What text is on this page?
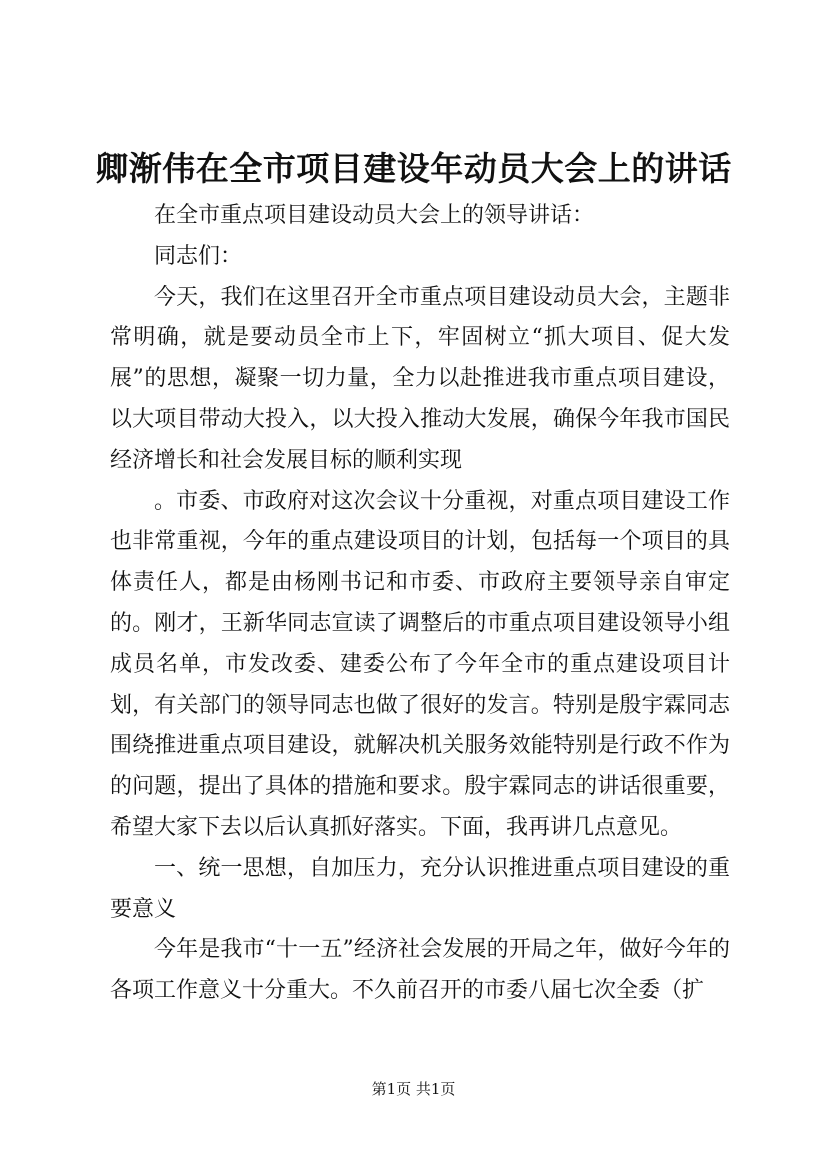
卿渐伟在全市项目建设年动员大会上的讲话

在全市重点项目建设动员大会上的领导讲话：

同志们：

今天，我们在这里召开全市重点项目建设动员大会，主题非常明确，就是要动员全市上下，牢固树立“抓大项目、促大发展”的思想，凝聚一切力量，全力以赴推进我市重点项目建设，以大项目带动大投入，以大投入推动大发展，确保今年我市国民经济增长和社会发展目标的顺利实现

。市委、市政府对这次会议十分重视，对重点项目建设工作也非常重视，今年的重点建设项目的计划，包括每一个项目的具体责任人，都是由杨刚书记和市委、市政府主要领导亲自审定的。刚才，王新华同志宣读了调整后的市重点项目建设领导小组成员名单，市发改委、建委公布了今年全市的重点建设项目计划，有关部门的领导同志也做了很好的发言。特别是殷宇霖同志围绕推进重点项目建设，就解决机关服务效能特别是行政不作为的问题，提出了具体的措施和要求。殷宇霖同志的讲话很重要，希望大家下去以后认真抓好落实。下面，我再讲几点意见。

一、统一思想，自加压力，充分认识推进重点项目建设的重要意义

今年是我市“十一五”经济社会发展的开局之年，做好今年的各项工作意义十分重大。不久前召开的市委八届七次全委（扩

第1页 共1页
